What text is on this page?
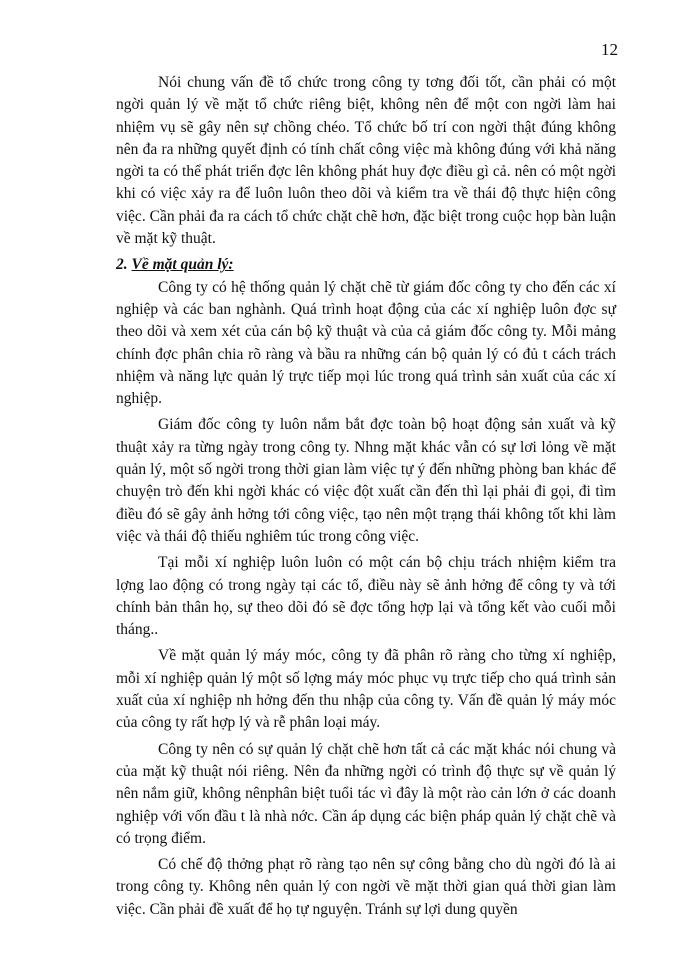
12

Nói chung vấn đề tổ chức trong công ty tơng đối tốt, cần phải có một ngời quản lý về mặt tổ chức riêng biệt, không nên để một con ngời làm hai nhiệm vụ sẽ gây nên sự chồng chéo. Tổ chức bố trí con ngời thật đúng không nên đa ra những quyết định có tính chất công việc mà không đúng với khả năng ngời ta có thể phát triển đợc lên không phát huy đợc điều gì cả. nên có một ngời khi có việc xảy ra để luôn luôn theo dõi và kiểm tra về thái độ thực hiện công việc. Cần phải đa ra cách tổ chức chặt chẽ hơn, đặc biệt trong cuộc họp bàn luận về mặt kỹ thuật.

2. Về mặt quản lý:

Công ty có hệ thống quản lý chặt chẽ từ giám đốc công ty cho đến các xí nghiệp và các ban nghành. Quá trình hoạt động của các xí nghiệp luôn đợc sự theo dõi và xem xét của cán bộ kỹ thuật và của cả giám đốc công ty. Mỗi mảng chính đợc phân chia rõ ràng và bầu ra những cán bộ quản lý có đủ t cách trách nhiệm và năng lực quản lý trực tiếp mọi lúc trong quá trình sản xuất của các xí nghiệp.

Giám đốc công ty luôn nắm bắt đợc toàn bộ hoạt động sản xuất và kỹ thuật xảy ra từng ngày trong công ty. Nhng mặt khác vẫn có sự lơi lỏng về mặt quản lý, một số ngời trong thời gian làm việc tự ý đến những phòng ban khác để chuyện trò đến khi ngời khác có việc đột xuất cần đến thì lại phải đi gọi, đi tìm điều đó sẽ gây ảnh hởng tới công việc, tạo nên một trạng thái không tốt khi làm việc và thái độ thiếu nghiêm túc trong công việc.

Tại mỗi xí nghiệp luôn luôn có một cán bộ chịu trách nhiệm kiểm tra lợng lao động có trong ngày tại các tổ, điều này sẽ ảnh hởng để công ty và tới chính bản thân họ, sự theo dõi đó sẽ đợc tổng hợp lại và tổng kết vào cuối mỗi tháng..

Về mặt quản lý máy móc, công ty đã phân rõ ràng cho từng xí nghiệp, mỗi xí nghiệp quản lý một số lợng máy móc phục vụ trực tiếp cho quá trình sản xuất của xí nghiệp nh hởng đến thu nhập của công ty. Vấn đề quản lý máy móc của công ty rất hợp lý và rễ phân loại máy.

Công ty nên có sự quản lý chặt chẽ hơn tất cả các mặt khác nói chung và của mặt kỹ thuật nói riêng. Nên đa những ngời có trình độ thực sự về quản lý nên nắm giữ, không nênphân biệt tuổi tác vì đây là một rào cản lớn ở các doanh nghiệp với vốn đầu t là nhà nớc. Cần áp dụng các biện pháp quản lý chặt chẽ và có trọng điểm.

Có chế độ thởng phạt rõ ràng tạo nên sự công bằng cho dù ngời đó là ai trong công ty. Không nên quản lý con ngời về mặt thời gian quá thời gian làm việc. Cần phải đề xuất để họ tự nguyện. Tránh sự lợi dung quyền
